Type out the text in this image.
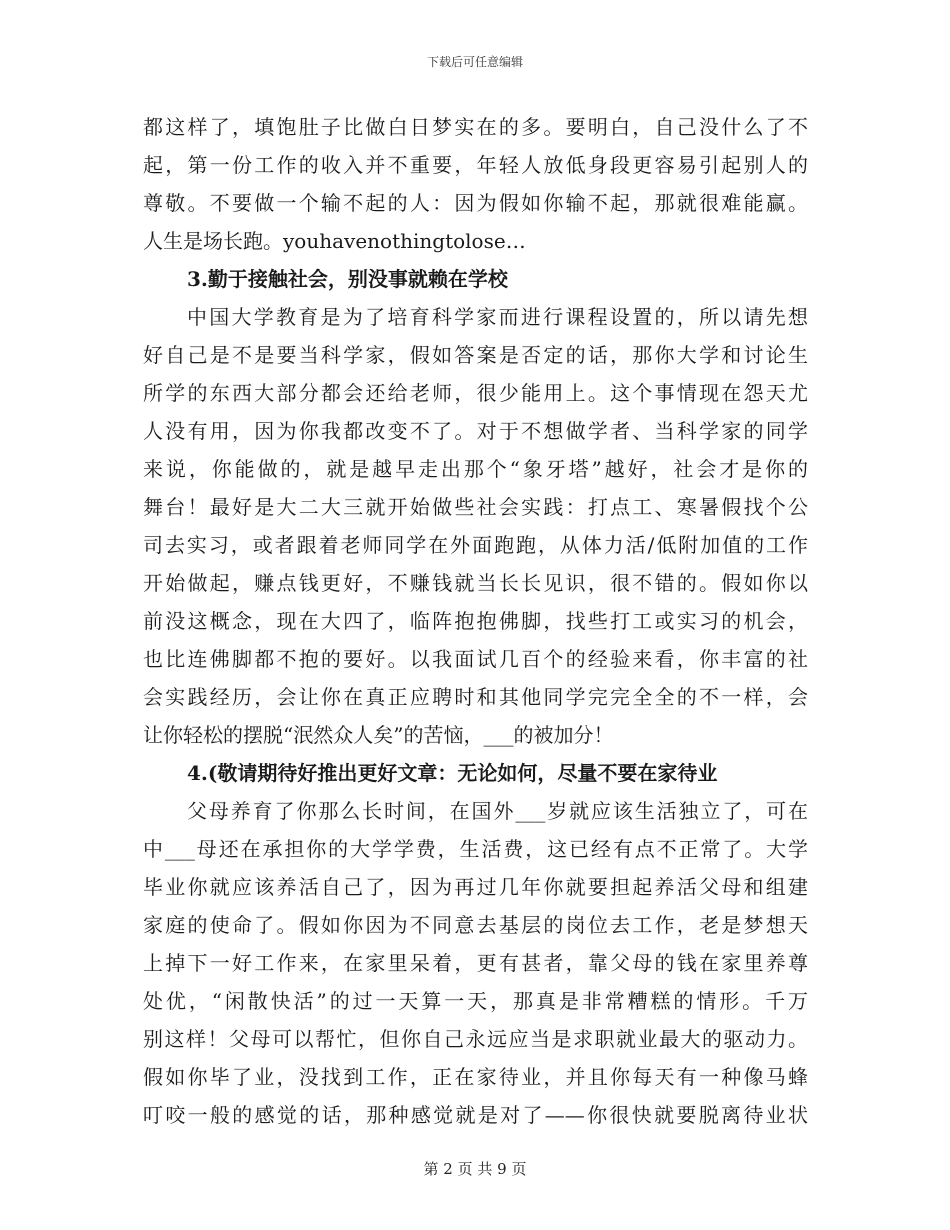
下载后可任意编辑
都这样了，填饱肚子比做白日梦实在的多。要明白，自己没什么了不
起，第一份工作的收入并不重要，年轻人放低身段更容易引起别人的
尊敬。不要做一个输不起的人：因为假如你输不起，那就很难能赢。
人生是场长跑。youhavenothingtolose…
3.勤于接触社会，别没事就赖在学校
中国大学教育是为了培育科学家而进行课程设置的，所以请先想
好自己是不是要当科学家，假如答案是否定的话，那你大学和讨论生
所学的东西大部分都会还给老师，很少能用上。这个事情现在怨天尤
人没有用，因为你我都改变不了。对于不想做学者、当科学家的同学
来说，你能做的，就是越早走出那个“象牙塔”越好，社会才是你的
舞台！最好是大二大三就开始做些社会实践：打点工、寒暑假找个公
司去实习，或者跟着老师同学在外面跑跑，从体力活/低附加值的工作
开始做起，赚点钱更好，不赚钱就当长长见识，很不错的。假如你以
前没这概念，现在大四了，临阵抱抱佛脚，找些打工或实习的机会，
也比连佛脚都不抱的要好。以我面试几百个的经验来看，你丰富的社
会实践经历，会让你在真正应聘时和其他同学完完全全的不一样，会
让你轻松的摆脱“泯然众人矣”的苦恼，___的被加分！
4.(敬请期待好推出更好文章：无论如何，尽量不要在家待业
父母养育了你那么长时间，在国外___岁就应该生活独立了，可在
中___母还在承担你的大学学费，生活费，这已经有点不正常了。大学
毕业你就应该养活自己了，因为再过几年你就要担起养活父母和组建
家庭的使命了。假如你因为不同意去基层的岗位去工作，老是梦想天
上掉下一好工作来，在家里呆着，更有甚者，靠父母的钱在家里养尊
处优，“闲散快活”的过一天算一天，那真是非常糟糕的情形。千万
别这样！父母可以帮忙，但你自己永远应当是求职就业最大的驱动力。
假如你毕了业，没找到工作，正在家待业，并且你每天有一种像马蜂
叮咬一般的感觉的话，那种感觉就是对了——你很快就要脱离待业状
第 2 页 共 9 页
